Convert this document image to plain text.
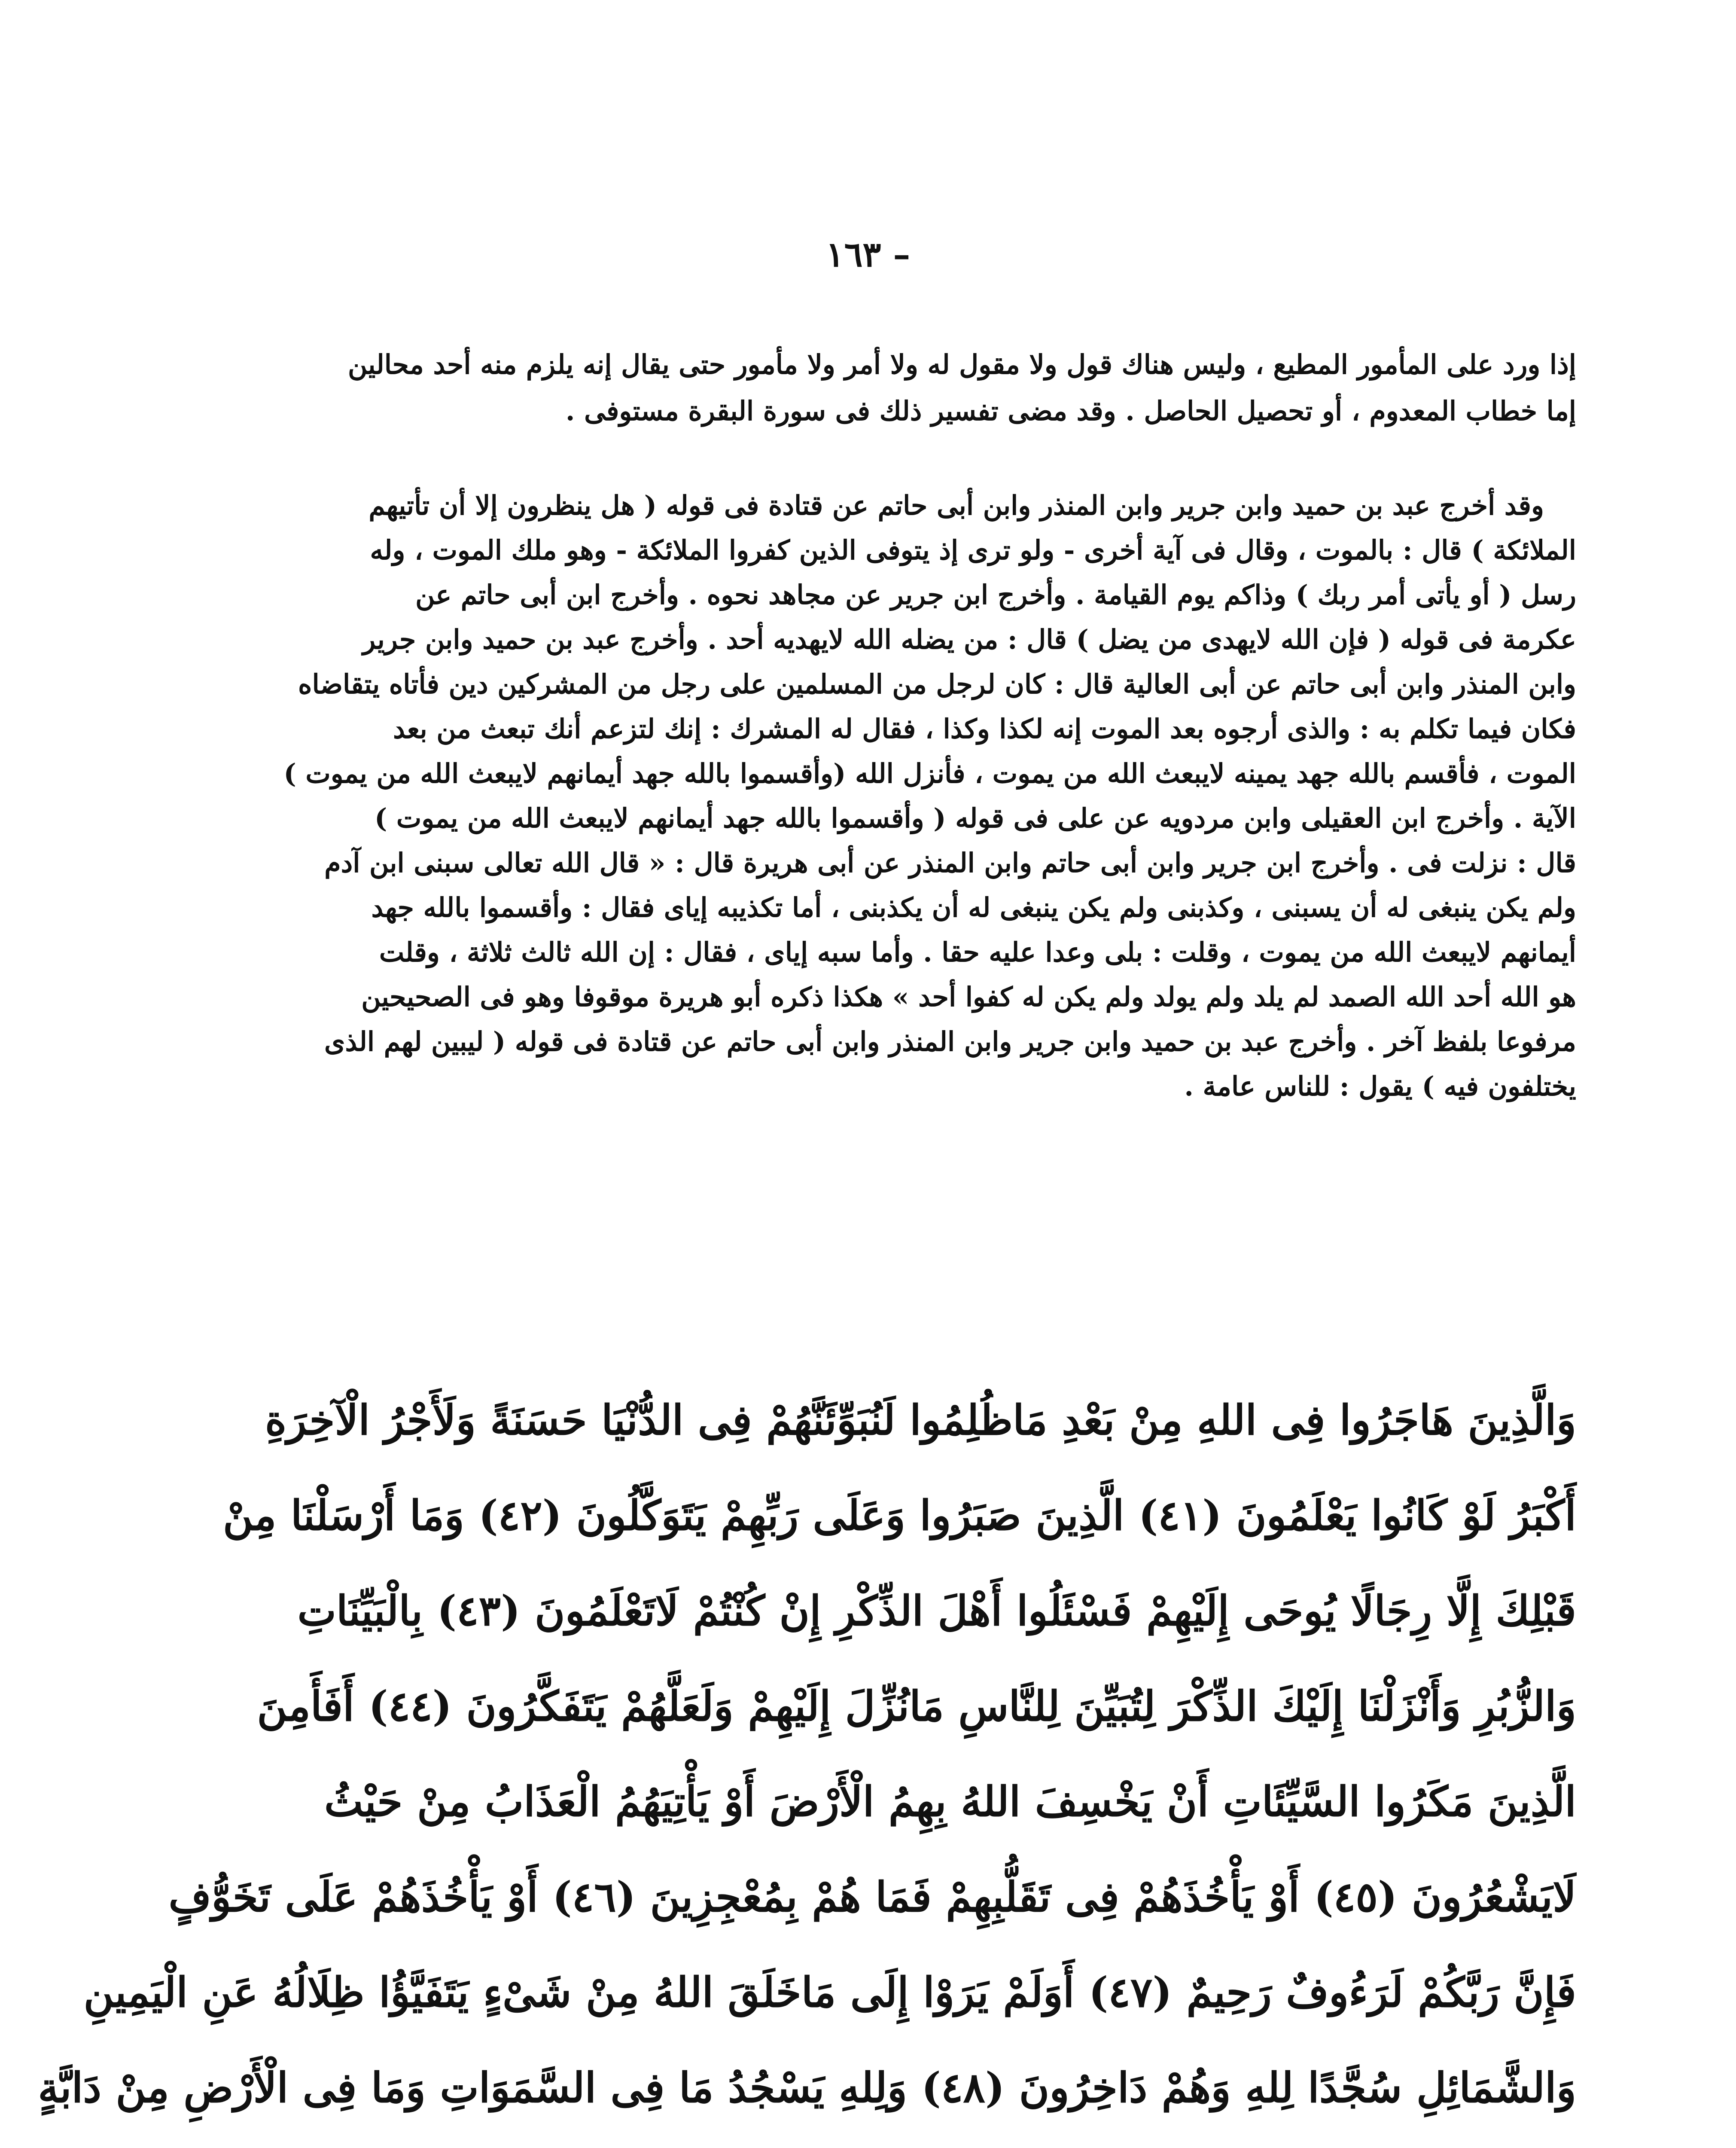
– ١٦٣
إذا ورد على المأمور المطيع ، وليس هناك قول ولا مقول له ولا أمر ولا مأمور حتى يقال إنه يلزم منه أحد محالين
إما خطاب المعدوم ، أو تحصيل الحاصل . وقد مضى تفسير ذلك فى سورة البقرة مستوفى .
وقد أخرج عبد بن حميد وابن جرير وابن المنذر وابن أبى حاتم عن قتادة فى قوله ( هل ينظرون إلا أن تأتيهم
الملائكة ) قال : بالموت ، وقال فى آية أخرى - ولو ترى إذ يتوفى الذين كفروا الملائكة - وهو ملك الموت ، وله
رسل ( أو يأتى أمر ربك ) وذاكم يوم القيامة . وأخرج ابن جرير عن مجاهد نحوه . وأخرج ابن أبى حاتم عن
عكرمة فى قوله ( فإن الله لايهدى من يضل ) قال : من يضله الله لايهديه أحد . وأخرج عبد بن حميد وابن جرير
وابن المنذر وابن أبى حاتم عن أبى العالية قال : كان لرجل من المسلمين على رجل من المشركين دين فأتاه يتقاضاه
فكان فيما تكلم به : والذى أرجوه بعد الموت إنه لكذا وكذا ، فقال له المشرك : إنك لتزعم أنك تبعث من بعد
الموت ، فأقسم بالله جهد يمينه لايبعث الله من يموت ، فأنزل الله (وأقسموا بالله جهد أيمانهم لايبعث الله من يموت )
الآية . وأخرج ابن العقيلى وابن مردويه عن على فى قوله ( وأقسموا بالله جهد أيمانهم لايبعث الله من يموت )
قال : نزلت فى . وأخرج ابن جرير وابن أبى حاتم وابن المنذر عن أبى هريرة قال : « قال الله تعالى سبنى ابن آدم
ولم يكن ينبغى له أن يسبنى ، وكذبنى ولم يكن ينبغى له أن يكذبنى ، أما تكذيبه إياى فقال : وأقسموا بالله جهد
أيمانهم لايبعث الله من يموت ، وقلت : بلى وعدا عليه حقا . وأما سبه إياى ، فقال : إن الله ثالث ثلاثة ، وقلت
هو الله أحد الله الصمد لم يلد ولم يولد ولم يكن له كفوا أحد » هكذا ذكره أبو هريرة موقوفا وهو فى الصحيحين
مرفوعا بلفظ آخر . وأخرج عبد بن حميد وابن جرير وابن المنذر وابن أبى حاتم عن قتادة فى قوله ( ليبين لهم الذى
يختلفون فيه ) يقول : للناس عامة .
وَالَّذِينَ هَاجَرُوا فِى اللهِ مِنْ بَعْدِ مَاظُلِمُوا لَنُبَوِّئَنَّهُمْ فِى الدُّنْيَا حَسَنَةً وَلَأَجْرُ الْآخِرَةِ
أَكْبَرُ لَوْ كَانُوا يَعْلَمُونَ (٤١) الَّذِينَ صَبَرُوا وَعَلَى رَبِّهِمْ يَتَوَكَّلُونَ (٤٢) وَمَا أَرْسَلْنَا مِنْ
قَبْلِكَ إِلَّا رِجَالًا يُوحَى إِلَيْهِمْ فَسْئَلُوا أَهْلَ الذِّكْرِ إِنْ كُنْتُمْ لَاتَعْلَمُونَ (٤٣) بِالْبَيِّنَاتِ
وَالزُّبُرِ وَأَنْزَلْنَا إِلَيْكَ الذِّكْرَ لِتُبَيِّنَ لِلنَّاسِ مَانُزِّلَ إِلَيْهِمْ وَلَعَلَّهُمْ يَتَفَكَّرُونَ (٤٤) أَفَأَمِنَ
الَّذِينَ مَكَرُوا السَّيِّئَاتِ أَنْ يَخْسِفَ اللهُ بِهِمُ الْأَرْضَ أَوْ يَأْتِيَهُمُ الْعَذَابُ مِنْ حَيْثُ
لَايَشْعُرُونَ (٤٥) أَوْ يَأْخُذَهُمْ فِى تَقَلُّبِهِمْ فَمَا هُمْ بِمُعْجِزِينَ (٤٦) أَوْ يَأْخُذَهُمْ عَلَى تَخَوُّفٍ
فَإِنَّ رَبَّكُمْ لَرَءُوفٌ رَحِيمٌ (٤٧) أَوَلَمْ يَرَوْا إِلَى مَاخَلَقَ اللهُ مِنْ شَىْءٍ يَتَفَيَّؤُا ظِلَالُهُ عَنِ الْيَمِينِ
وَالشَّمَائِلِ سُجَّدًا لِلهِ وَهُمْ دَاخِرُونَ (٤٨) وَلِلهِ يَسْجُدُ مَا فِى السَّمَوَاتِ وَمَا فِى الْأَرْضِ مِنْ دَابَّةٍ
